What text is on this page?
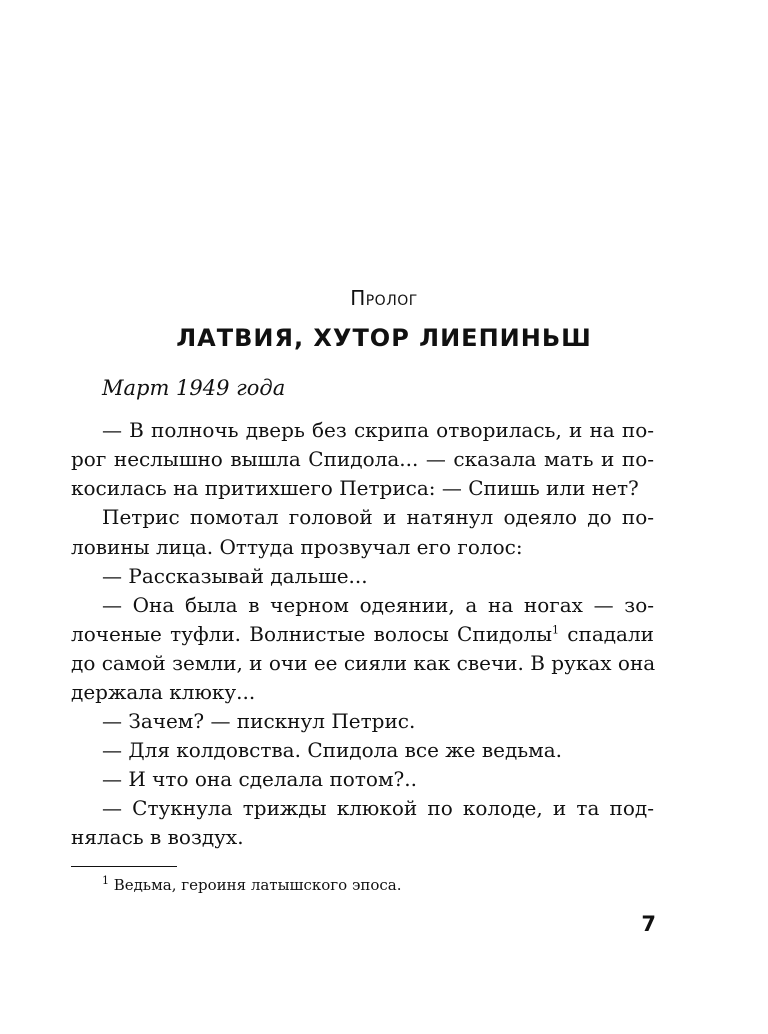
Пролог
ЛАТВИЯ, ХУТОР ЛИЕПИНЬШ
Март 1949 года
— В полночь дверь без скрипа отворилась, и на по-
рог неслышно вышла Спидола... — сказала мать и по-
косилась на притихшего Петриса: — Спишь или нет?
Петрис помотал головой и натянул одеяло до по-
ловины лица. Оттуда прозвучал его голос:
— Рассказывай дальше...
— Она была в черном одеянии, а на ногах — зо-
лоченые туфли. Волнистые волосы Спидолы$^1$ спадали
до самой земли, и очи ее сияли как свечи. В руках она
держала клюку...
— Зачем? — пискнул Петрис.
— Для колдовства. Спидола все же ведьма.
— И что она сделала потом?..
— Стукнула трижды клюкой по колоде, и та под-
нялась в воздух.
$^1$ Ведьма, героиня латышского эпоса.
7
